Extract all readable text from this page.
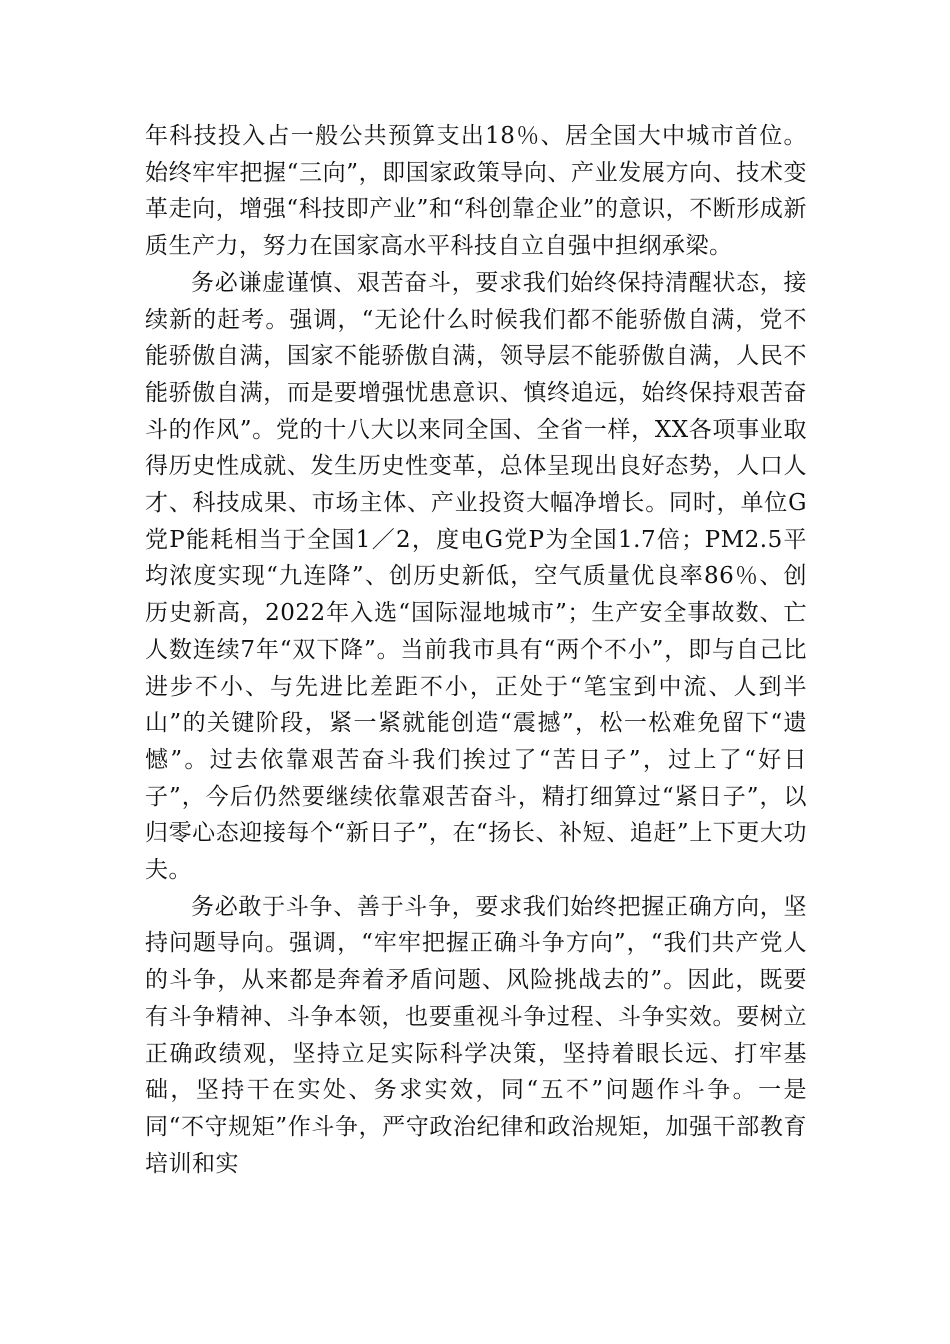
年科技投入占一般公共预算支出18％、居全国大中城市首位。始终牢牢把握“三向”，即国家政策导向、产业发展方向、技术变革走向，增强“科技即产业”和“科创靠企业”的意识，不断形成新质生产力，努力在国家高水平科技自立自强中担纲承梁。

务必谦虚谨慎、艰苦奋斗，要求我们始终保持清醒状态，接续新的赶考。强调，“无论什么时候我们都不能骄傲自满，党不能骄傲自满，国家不能骄傲自满，领导层不能骄傲自满，人民不能骄傲自满，而是要增强忧患意识、慎终追远，始终保持艰苦奋斗的作风”。党的十八大以来同全国、全省一样，XX各项事业取得历史性成就、发生历史性变革，总体呈现出良好态势，人口人才、科技成果、市场主体、产业投资大幅净增长。同时，单位G党P能耗相当于全国1／2，度电G党P为全国1.7倍；PM2.5平均浓度实现“九连降”、创历史新低，空气质量优良率86％、创历史新高，2022年入选“国际湿地城市”；生产安全事故数、亡人数连续7年“双下降”。当前我市具有“两个不小”，即与自己比进步不小、与先进比差距不小，正处于“笔宝到中流、人到半山”的关键阶段，紧一紧就能创造“震撼”，松一松难免留下“遗憾”。过去依靠艰苦奋斗我们挨过了“苦日子”，过上了“好日子”，今后仍然要继续依靠艰苦奋斗，精打细算过“紧日子”，以归零心态迎接每个“新日子”，在“扬长、补短、追赶”上下更大功夫。

务必敢于斗争、善于斗争，要求我们始终把握正确方向，坚持问题导向。强调，“牢牢把握正确斗争方向”，“我们共产党人的斗争，从来都是奔着矛盾问题、风险挑战去的”。因此，既要有斗争精神、斗争本领，也要重视斗争过程、斗争实效。要树立正确政绩观，坚持立足实际科学决策，坚持着眼长远、打牢基础，坚持干在实处、务求实效，同“五不”问题作斗争。一是同“不守规矩”作斗争，严守政治纪律和政治规矩，加强干部教育培训和实
